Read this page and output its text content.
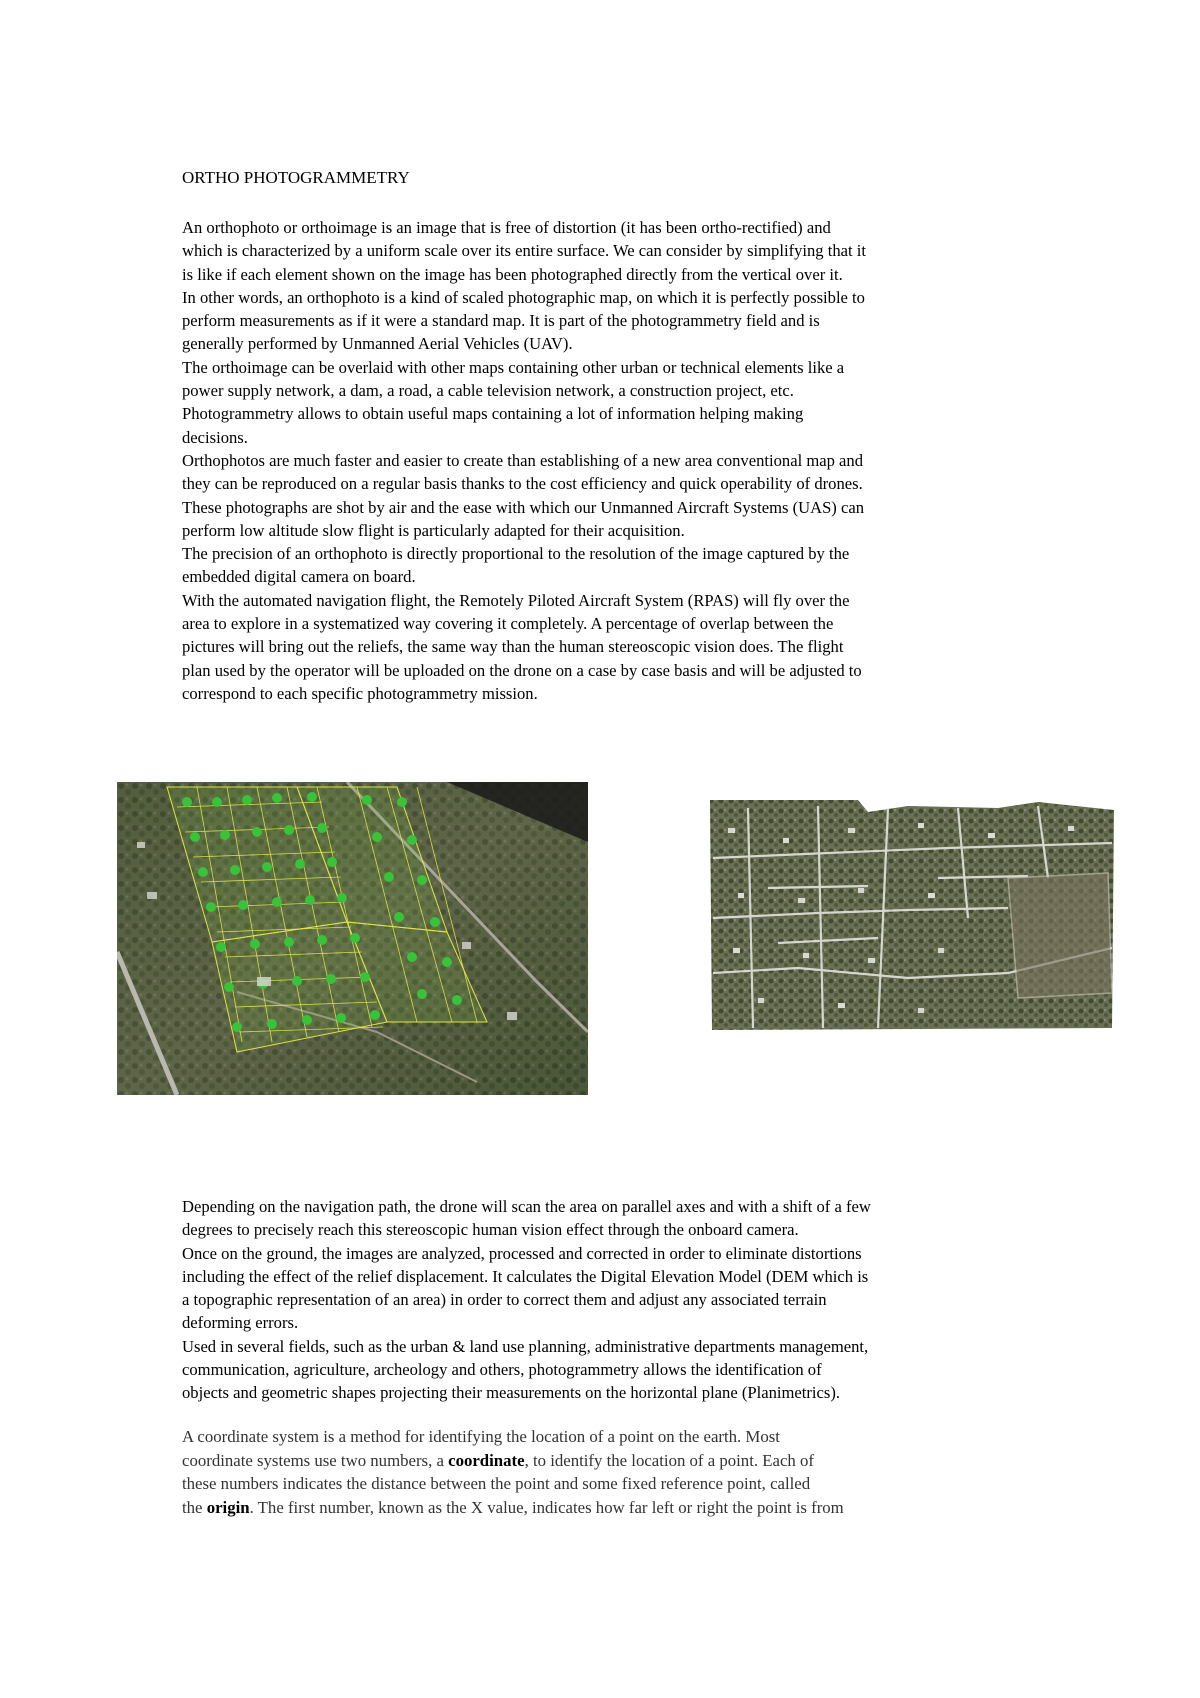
ORTHO PHOTOGRAMMETRY
An orthophoto or orthoimage is an image that is free of distortion (it has been ortho-rectified) and
which is characterized by a uniform scale over its entire surface. We can consider by simplifying that it
is like if each element shown on the image has been photographed directly from the vertical over it.
In other words, an orthophoto is a kind of scaled photographic map, on which it is perfectly possible to
perform measurements as if it were a standard map. It is part of the photogrammetry field and is
generally performed by Unmanned Aerial Vehicles (UAV).
The orthoimage can be overlaid with other maps containing other urban or technical elements like a
power supply network, a dam, a road, a cable television network, a construction project, etc.
Photogrammetry allows to obtain useful maps containing a lot of information helping making
decisions.
Orthophotos are much faster and easier to create than establishing of a new area conventional map and
they can be reproduced on a regular basis thanks to the cost efficiency and quick operability of drones.
These photographs are shot by air and the ease with which our Unmanned Aircraft Systems (UAS) can
perform low altitude slow flight is particularly adapted for their acquisition.
The precision of an orthophoto is directly proportional to the resolution of the image captured by the
embedded digital camera on board.
With the automated navigation flight, the Remotely Piloted Aircraft System (RPAS) will fly over the
area to explore in a systematized way covering it completely. A percentage of overlap between the
pictures will bring out the reliefs, the same way than the human stereoscopic vision does. The flight
plan used by the operator will be uploaded on the drone on a case by case basis and will be adjusted to
correspond to each specific photogrammetry mission.
Depending on the navigation path, the drone will scan the area on parallel axes and with a shift of a few
degrees to precisely reach this stereoscopic human vision effect through the onboard camera.
Once on the ground, the images are analyzed, processed and corrected in order to eliminate distortions
including the effect of the relief displacement. It calculates the Digital Elevation Model (DEM which is
a topographic representation of an area) in order to correct them and adjust any associated terrain
deforming errors.
Used in several fields, such as the urban & land use planning, administrative departments management,
communication, agriculture, archeology and others, photogrammetry allows the identification of
objects and geometric shapes projecting their measurements on the horizontal plane (Planimetrics).
A coordinate system is a method for identifying the location of a point on the earth. Most
coordinate systems use two numbers, a coordinate, to identify the location of a point. Each of
these numbers indicates the distance between the point and some fixed reference point, called
the origin. The first number, known as the X value, indicates how far left or right the point is from
